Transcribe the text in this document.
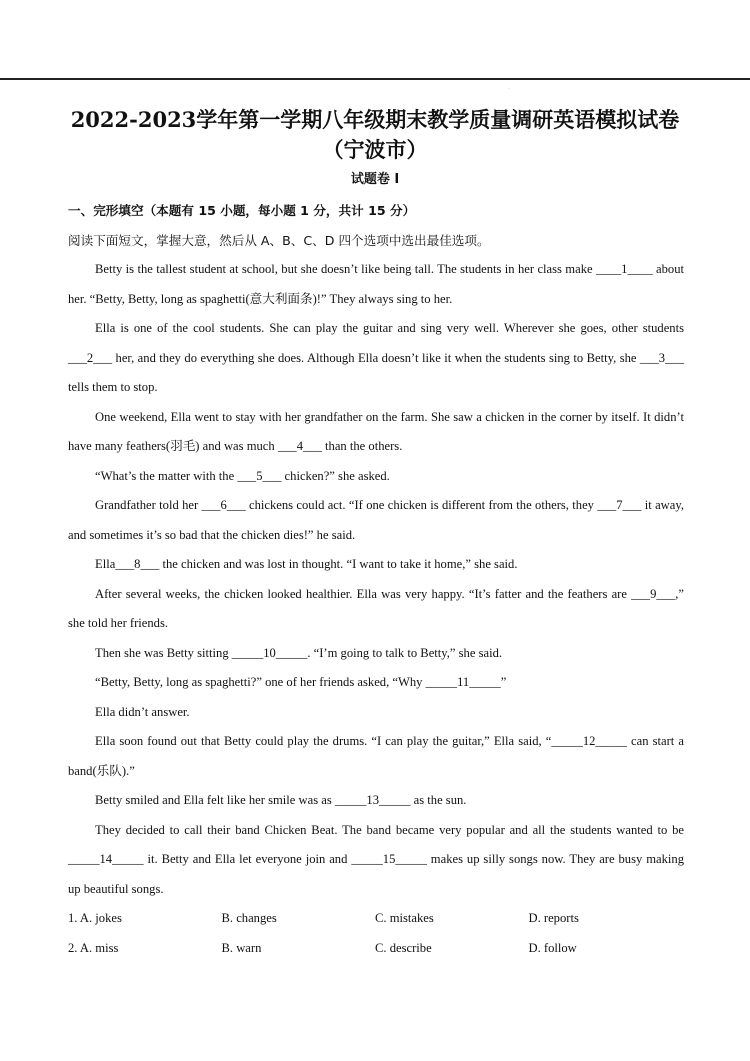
·
2022-2023学年第一学期八年级期末教学质量调研英语模拟试卷
（宁波市）
试题卷 I
一、完形填空（本题有 15 小题，每小题 1 分，共计 15 分）
阅读下面短文，掌握大意，然后从 A、B、C、D 四个选项中选出最佳选项。

Betty is the tallest student at school, but she doesn’t like being tall. The students in her class make ____1____ about her. “Betty, Betty, long as spaghetti(意大利面条)!” They always sing to her.

Ella is one of the cool students. She can play the guitar and sing very well. Wherever she goes, other students ___2___ her, and they do everything she does. Although Ella doesn’t like it when the students sing to Betty, she ___3___ tells them to stop.

One weekend, Ella went to stay with her grandfather on the farm. She saw a chicken in the corner by itself. It didn’t have many feathers(羽毛) and was much ___4___ than the others.

“What’s the matter with the ___5___ chicken?” she asked.

Grandfather told her ___6___ chickens could act. “If one chicken is different from the others, they ___7___ it away, and sometimes it’s so bad that the chicken dies!” he said.

Ella___8___ the chicken and was lost in thought. “I want to take it home,” she said.

After several weeks, the chicken looked healthier. Ella was very happy. “It’s fatter and the feathers are ___9___,” she told her friends.

Then she was Betty sitting _____10_____. “I’m going to talk to Betty,” she said.

“Betty, Betty, long as spaghetti?” one of her friends asked, “Why _____11_____”

Ella didn’t answer.

Ella soon found out that Betty could play the drums. “I can play the guitar,” Ella said, “_____12_____ can start a band(乐队).”

Betty smiled and Ella felt like her smile was as _____13_____ as the sun.

They decided to call their band Chicken Beat. The band became very popular and all the students wanted to be _____14_____ it. Betty and Ella let everyone join and _____15_____ makes up silly songs now. They are busy making up beautiful songs.

1. A. jokes	B. changes	C. mistakes	D. reports
2. A. miss	B. warn	C. describe	D. follow
